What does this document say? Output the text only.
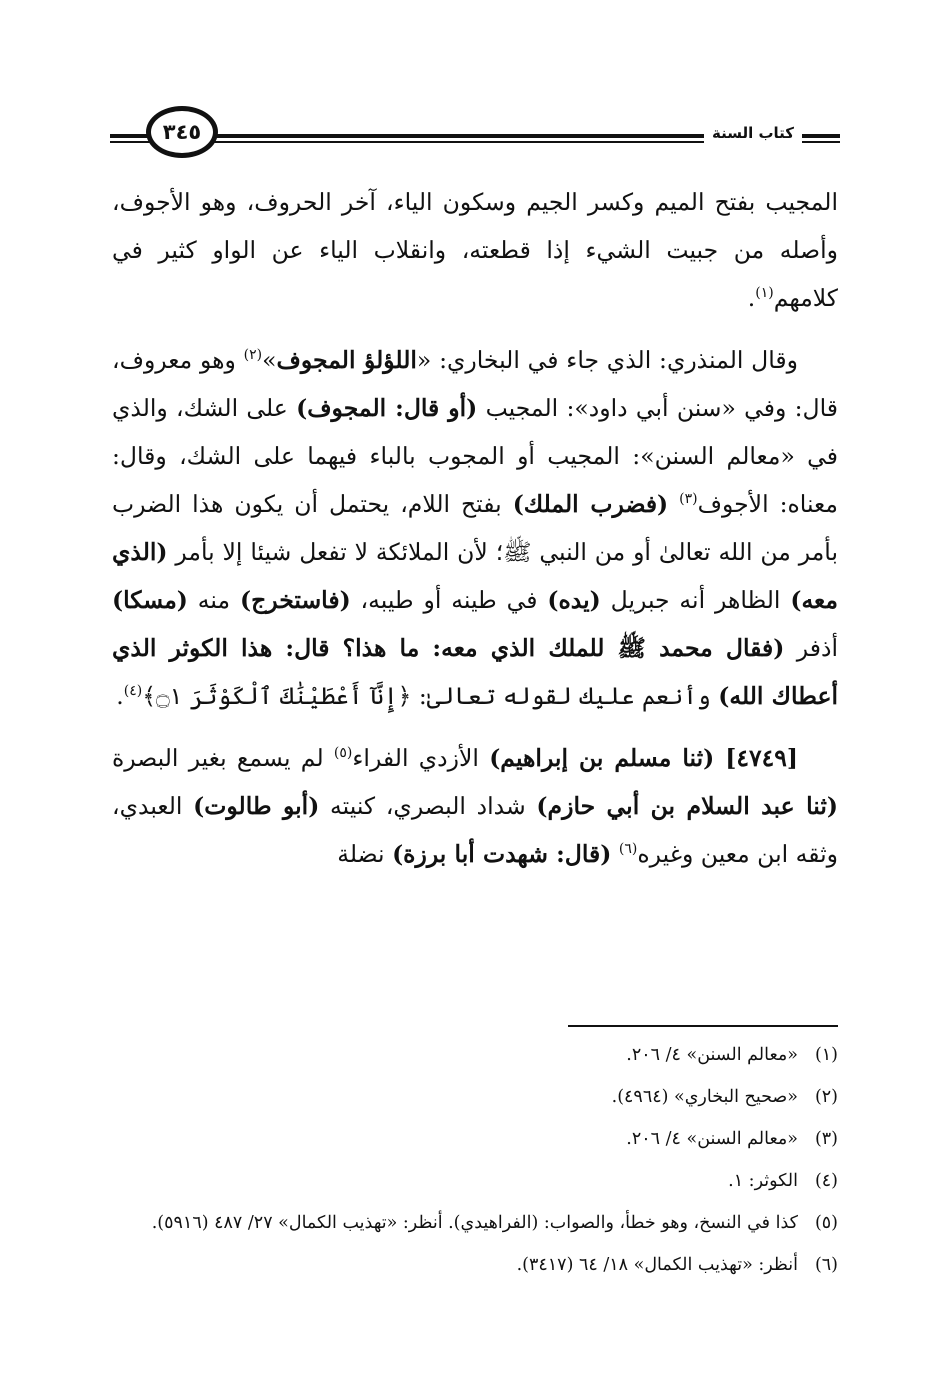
٣٤٥	كتاب السنة

المجيب بفتح الميم وكسر الجيم وسكون الياء، آخر الحروف، وهو الأجوف، وأصله من جبيت الشيء إذا قطعته، وانقلاب الياء عن الواو كثير في كلامهم$^{(١)}$.

وقال المنذري: الذي جاء في البخاري: «اللؤلؤ المجوف»$^{(٢)}$ وهو معروف، قال: وفي «سنن أبي داود»: المجيب (أو قال: المجوف) على الشك، والذي في «معالم السنن»: المجيب أو المجوب بالباء فيهما على الشك، وقال: معناه: الأجوف$^{(٣)}$ (فضرب الملك) بفتح اللام، يحتمل أن يكون هذا الضرب بأمر من الله تعالىٰ أو من النبي ﷺ؛ لأن الملائكة لا تفعل شيئا إلا بأمر (الذي معه) الظاهر أنه جبريل (يده) في طينه أو طيبه، (فاستخرج) منه (مسكا) أذفر (فقال محمد ﷺ للملك الذي معه: ما هذا؟ قال: هذا الكوثر الذي أعطاك الله) وأنعم عليك لقوله تعالىٰ: ﴿إِنَّآ أَعْطَيْنَٰكَ ٱلْكَوْثَرَ ۝١﴾$^{(٤)}$.

[٤٧٤٩] (ثنا مسلم بن إبراهيم) الأزدي الفراء$^{(٥)}$ لم يسمع بغير البصرة (ثنا عبد السلام بن أبي حازم) شداد البصري، كنيته (أبو طالوت) العبدي، وثقه ابن معين وغيره$^{(٦)}$ (قال: شهدت أبا برزة) نضلة

(١)
«معالم السنن» ٤/ ٢٠٦.
(٢)
«صحيح البخاري» (٤٩٦٤).
(٣)
«معالم السنن» ٤/ ٢٠٦.
(٤)
الكوثر: ١.
(٥)
كذا في النسخ، وهو خطأ، والصواب: (الفراهيدي). أنظر: «تهذيب الكمال» ٢٧/ ٤٨٧ (٥٩١٦).
(٦)
أنظر: «تهذيب الكمال» ١٨/ ٦٤ (٣٤١٧).
